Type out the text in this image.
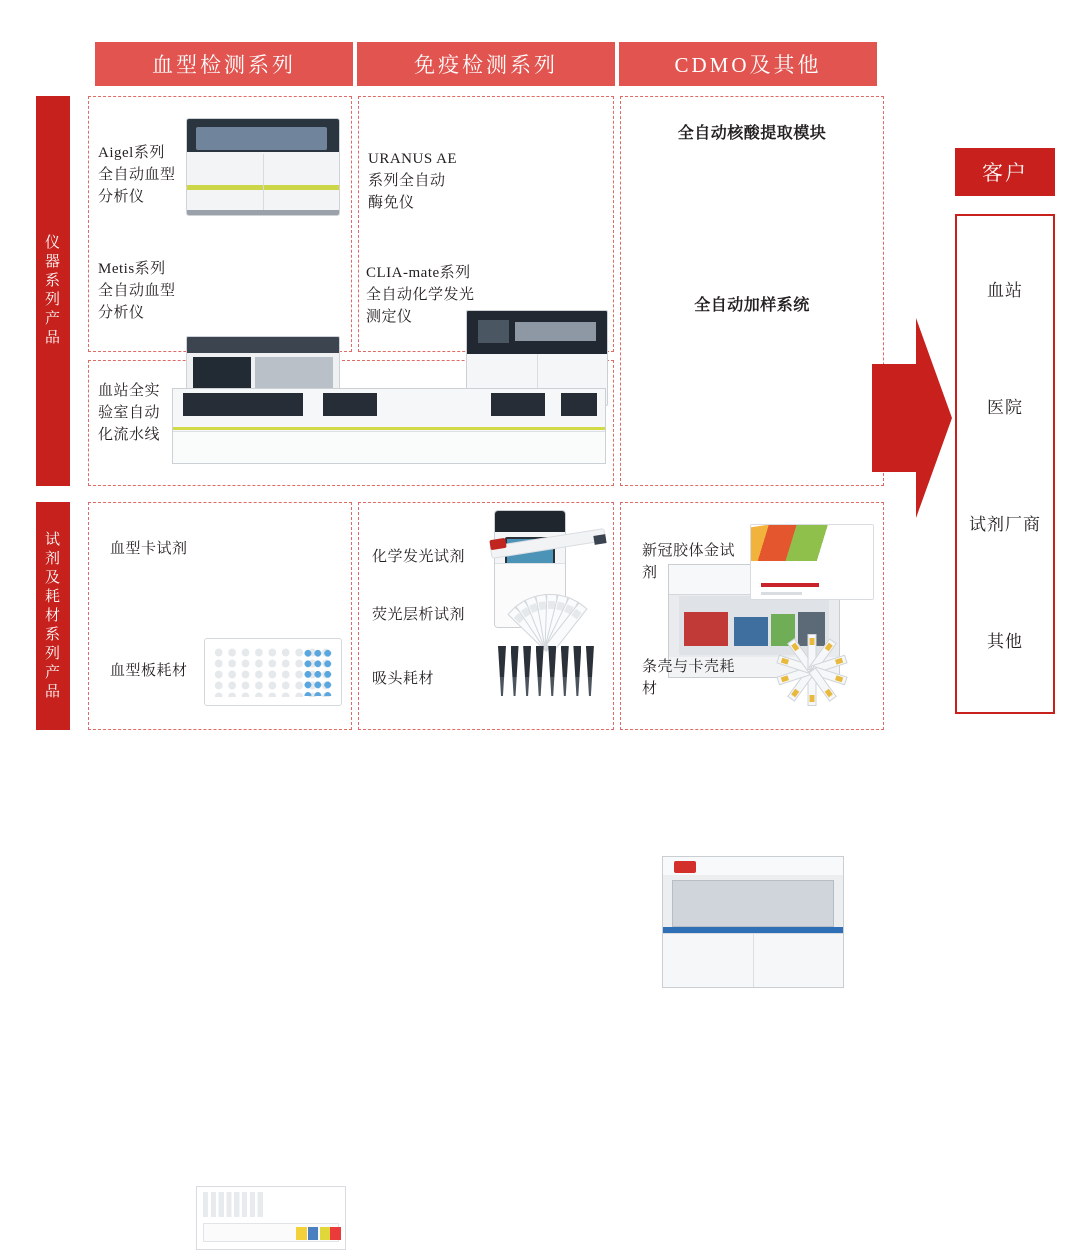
血型检测系列	免疫检测系列	CDMO及其他
仪器系列产品
试剂及耗材系列产品
Aigel系列全自动血型分析仪
Metis系列全自动血型分析仪
URANUS AE系列全自动酶免仪
CLIA-mate系列全自动化学发光测定仪
全自动核酸提取模块
全自动加样系统
血站全实验室自动化流水线
血型卡试剂
血型板耗材
化学发光试剂
荧光层析试剂
吸头耗材
新冠胶体金试剂
条壳与卡壳耗材
客户
血站
医院
试剂厂商
其他
